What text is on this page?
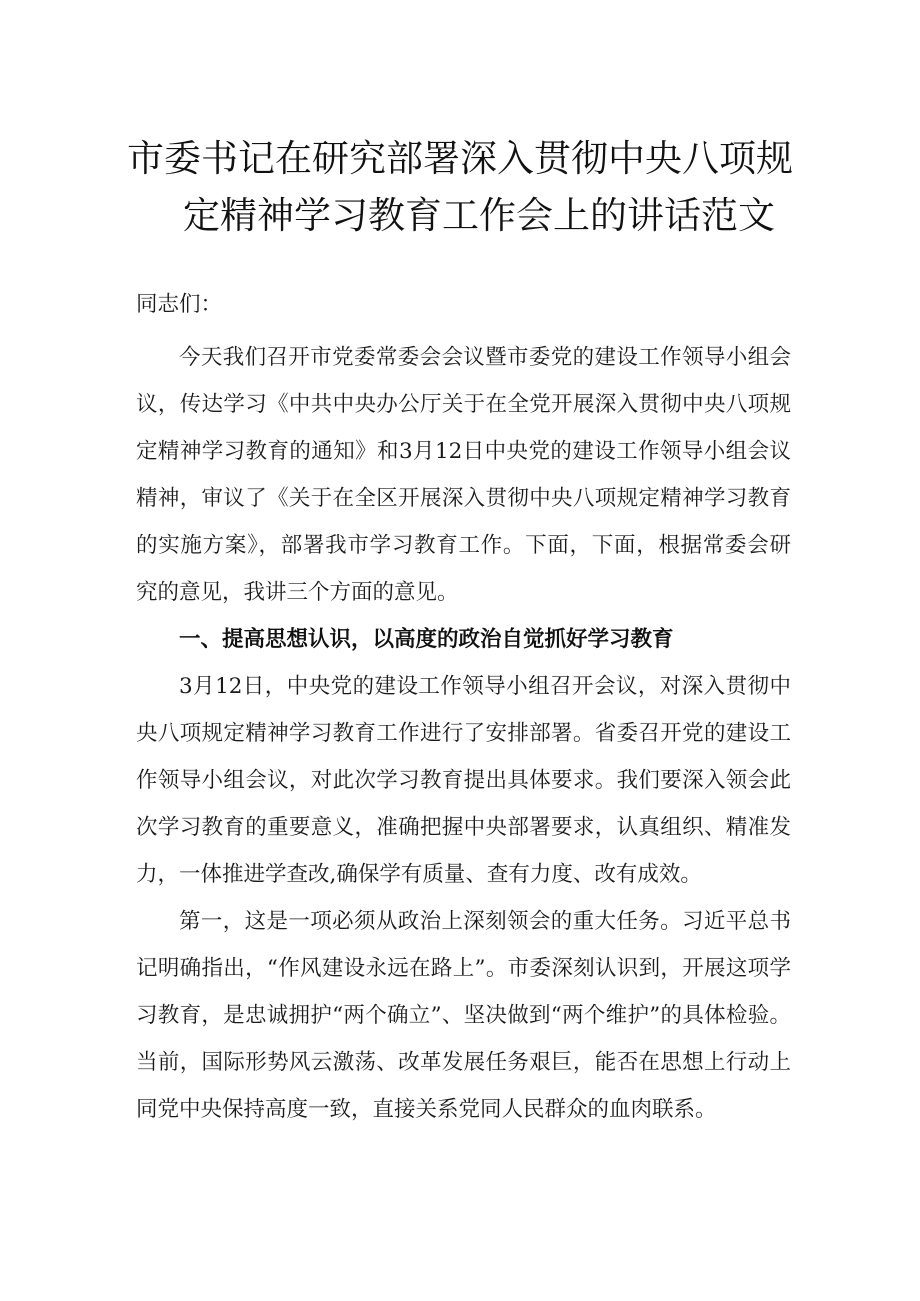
市委书记在研究部署深入贯彻中央八项规
定精神学习教育工作会上的讲话范文

同志们：

今天我们召开市党委常委会会议暨市委党的建设工作领导小组会议，传达学习《中共中央办公厅关于在全党开展深入贯彻中央八项规定精神学习教育的通知》和3月12日中央党的建设工作领导小组会议精神，审议了《关于在全区开展深入贯彻中央八项规定精神学习教育的实施方案》，部署我市学习教育工作。下面，下面，根据常委会研究的意见，我讲三个方面的意见。

一、提高思想认识，以高度的政治自觉抓好学习教育

3月12日，中央党的建设工作领导小组召开会议，对深入贯彻中央八项规定精神学习教育工作进行了安排部署。省委召开党的建设工作领导小组会议，对此次学习教育提出具体要求。我们要深入领会此次学习教育的重要意义，准确把握中央部署要求，认真组织、精准发力，一体推进学查改,确保学有质量、查有力度、改有成效。

第一，这是一项必须从政治上深刻领会的重大任务。习近平总书记明确指出，“作风建设永远在路上”。市委深刻认识到，开展这项学习教育，是忠诚拥护“两个确立”、坚决做到“两个维护”的具体检验。当前，国际形势风云激荡、改革发展任务艰巨，能否在思想上行动上同党中央保持高度一致，直接关系党同人民群众的血肉联系。
